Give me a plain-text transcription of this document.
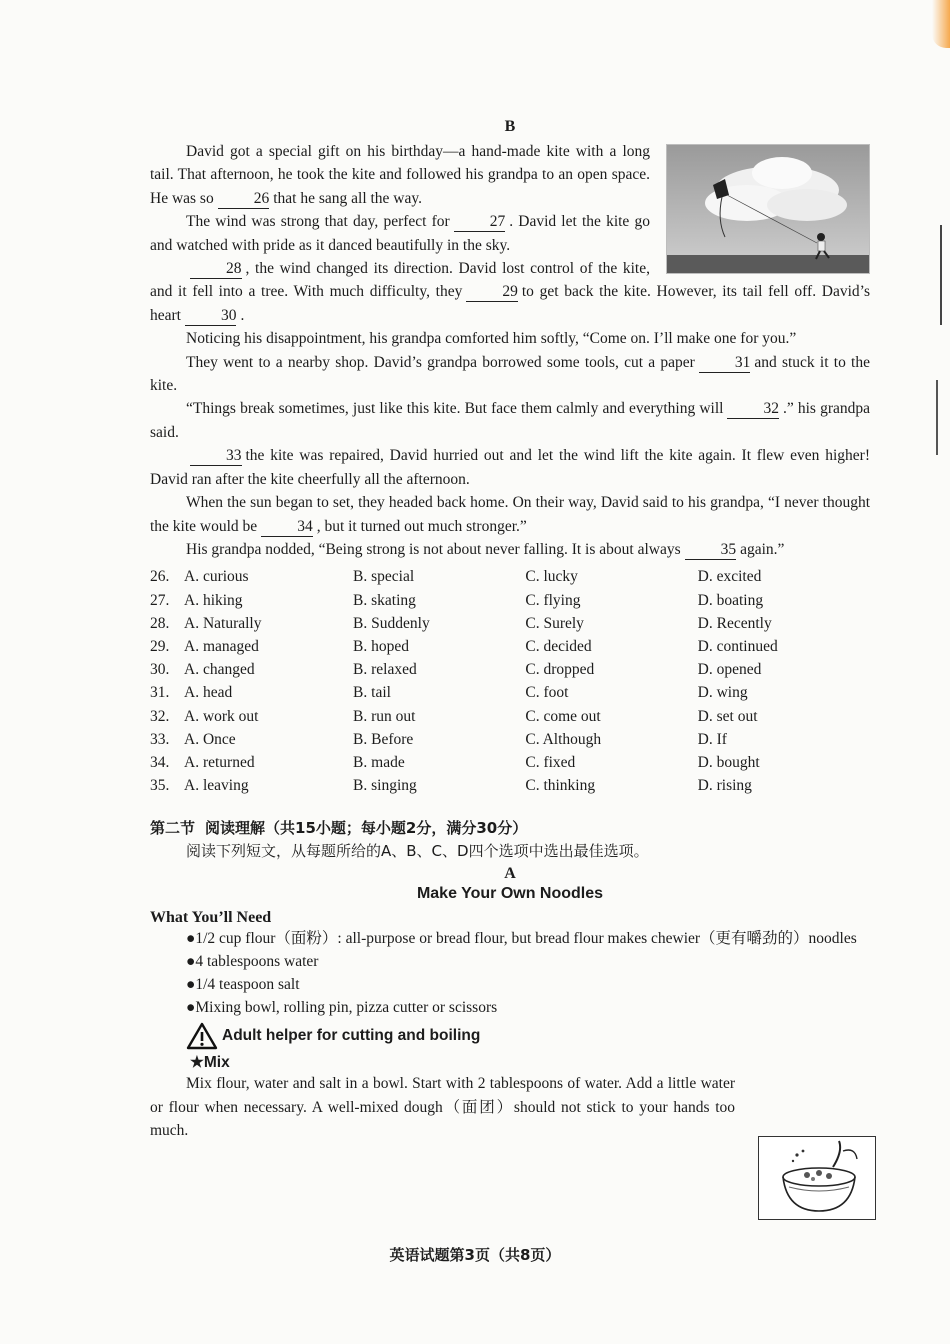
B

David got a special gift on his birthday—a hand-made kite with a long tail. That afternoon, he took the kite and followed his grandpa to an open space. He was so	26 that he sang all the way.

The wind was strong that day, perfect for	27 . David let the kite go and watched with pride as it danced beautifully in the sky.

28 , the wind changed its direction. David lost control of the kite, and it fell into a tree. With much difficulty, they	29 to get back the kite. However, its tail fell off. David’s heart	30 .

Noticing his disappointment, his grandpa comforted him softly, “Come on. I’ll make one for you.”

They went to a nearby shop. David’s grandpa borrowed some tools, cut a paper	31 and stuck it to the kite.

“Things break sometimes, just like this kite. But face them calmly and everything will	32 .” his grandpa said.

33 the kite was repaired, David hurried out and let the wind lift the kite again. It flew even higher! David ran after the kite cheerfully all the afternoon.

When the sun began to set, they headed back home. On their way, David said to his grandpa, “I never thought the kite would be	34 , but it turned out much stronger.”

His grandpa nodded, “Being strong is not about never falling. It is about always	35 again.”

26. A. curious	B. special	C. lucky	D. excited
27. A. hiking	B. skating	C. flying	D. boating
28. A. Naturally	B. Suddenly	C. Surely	D. Recently
29. A. managed	B. hoped	C. decided	D. continued
30. A. changed	B. relaxed	C. dropped	D. opened
31. A. head	B. tail	C. foot	D. wing
32. A. work out	B. run out	C. come out	D. set out
33. A. Once	B. Before	C. Although	D. If
34. A. returned	B. made	C. fixed	D. bought
35. A. leaving	B. singing	C. thinking	D. rising
第二节 阅读理解（共15小题；每小题2分，满分30分）
阅读下列短文，从每题所给的A、B、C、D四个选项中选出最佳选项。
A
Make Your Own Noodles
What You’ll Need
●1/2 cup flour（面粉）: all-purpose or bread flour, but bread flour makes chewier（更有嚼劲的）noodles
●4 tablespoons water
●1/4 teaspoon salt
●Mixing bowl, rolling pin, pizza cutter or scissors
Adult helper for cutting and boiling
★Mix

Mix flour, water and salt in a bowl. Start with 2 tablespoons of water. Add a little water or flour when necessary. A well-mixed dough（面团）should not stick to your hands too much.

英语试题第3页（共8页）
